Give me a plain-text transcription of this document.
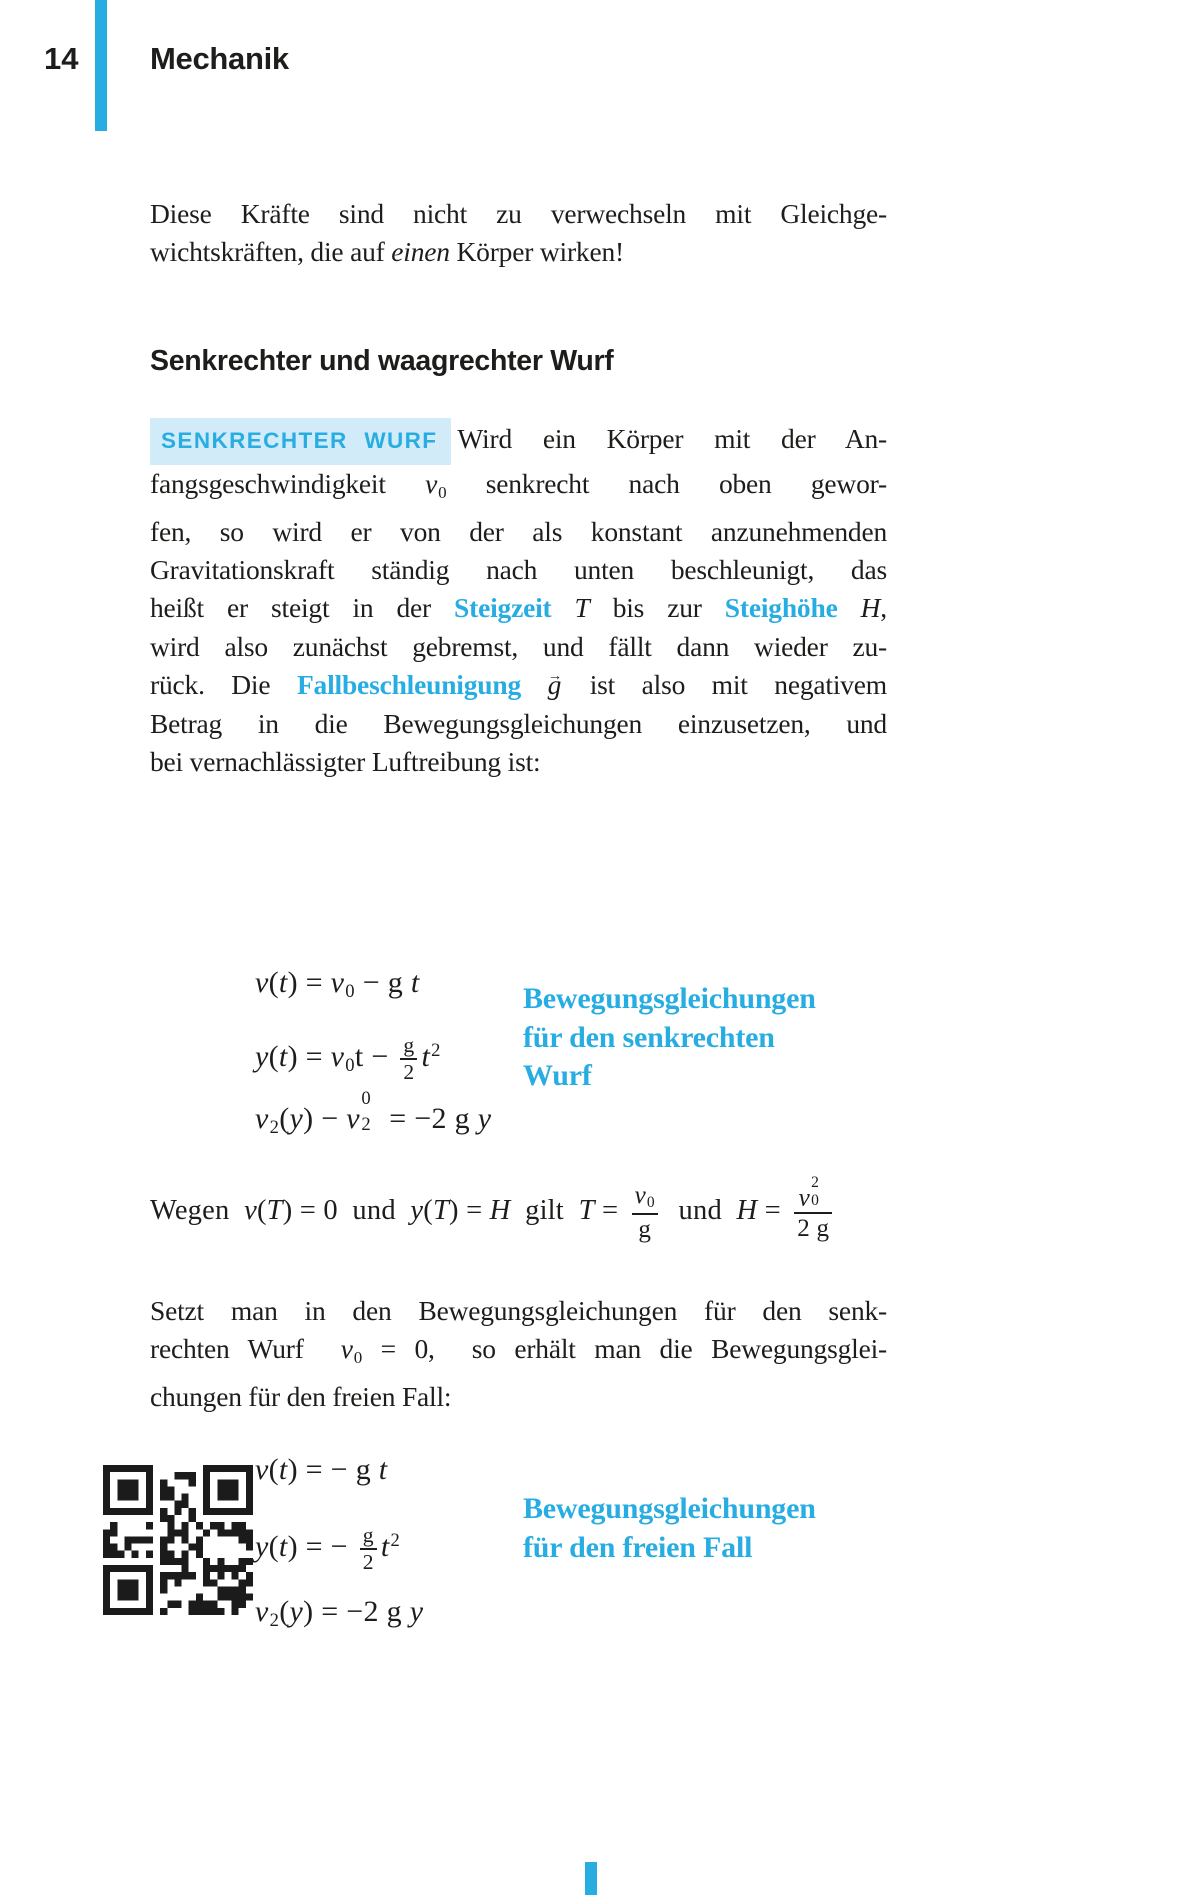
14 Mechanik
Diese Kräfte sind nicht zu verwechseln mit Gleichge-
wichtskräften, die auf einen Körper wirken!
Senkrechter und waagrechter Wurf
SENKRECHTER WURF Wird ein Körper mit der An-
fangsgeschwindigkeit $v_0$ senkrecht nach oben gewor-
fen, so wird er von der als konstant anzunehmenden
Gravitationskraft ständig nach unten beschleunigt, das
heißt er steigt in der Steigzeit T bis zur Steighöhe H,
wird also zunächst gebremst, und fällt dann wieder zu-
rück. Die Fallbeschleunigung g → ist also mit negativem
Betrag in die Bewegungsgleichungen einzusetzen, und
bei vernachlässigter Luftreibung ist:
$v(t) = v_0 - g$ t
$y(t) = v_0t - \frac{g}{2} t^2$
$v_2(y) - v$ 2
0
= −2 g y
Bewegungsgleichungen
für den senkrechten
Wurf
Wegen  v(T) = 0  und  y(T) = H  gilt  $T = \frac{v_0}{g}$ und  H = v
2
0
2 g
Setzt man in den Bewegungsgleichungen für den senk-
rechten Wurf  $v_0 = 0$,  so erhält man die Bewegungsglei-
chungen für den freien Fall:
v(t) = − g t
y(t) = − $\frac{g}{2} t^2$
$v_2(y) = -2$ g y
Bewegungsgleichungen
für den freien Fall
